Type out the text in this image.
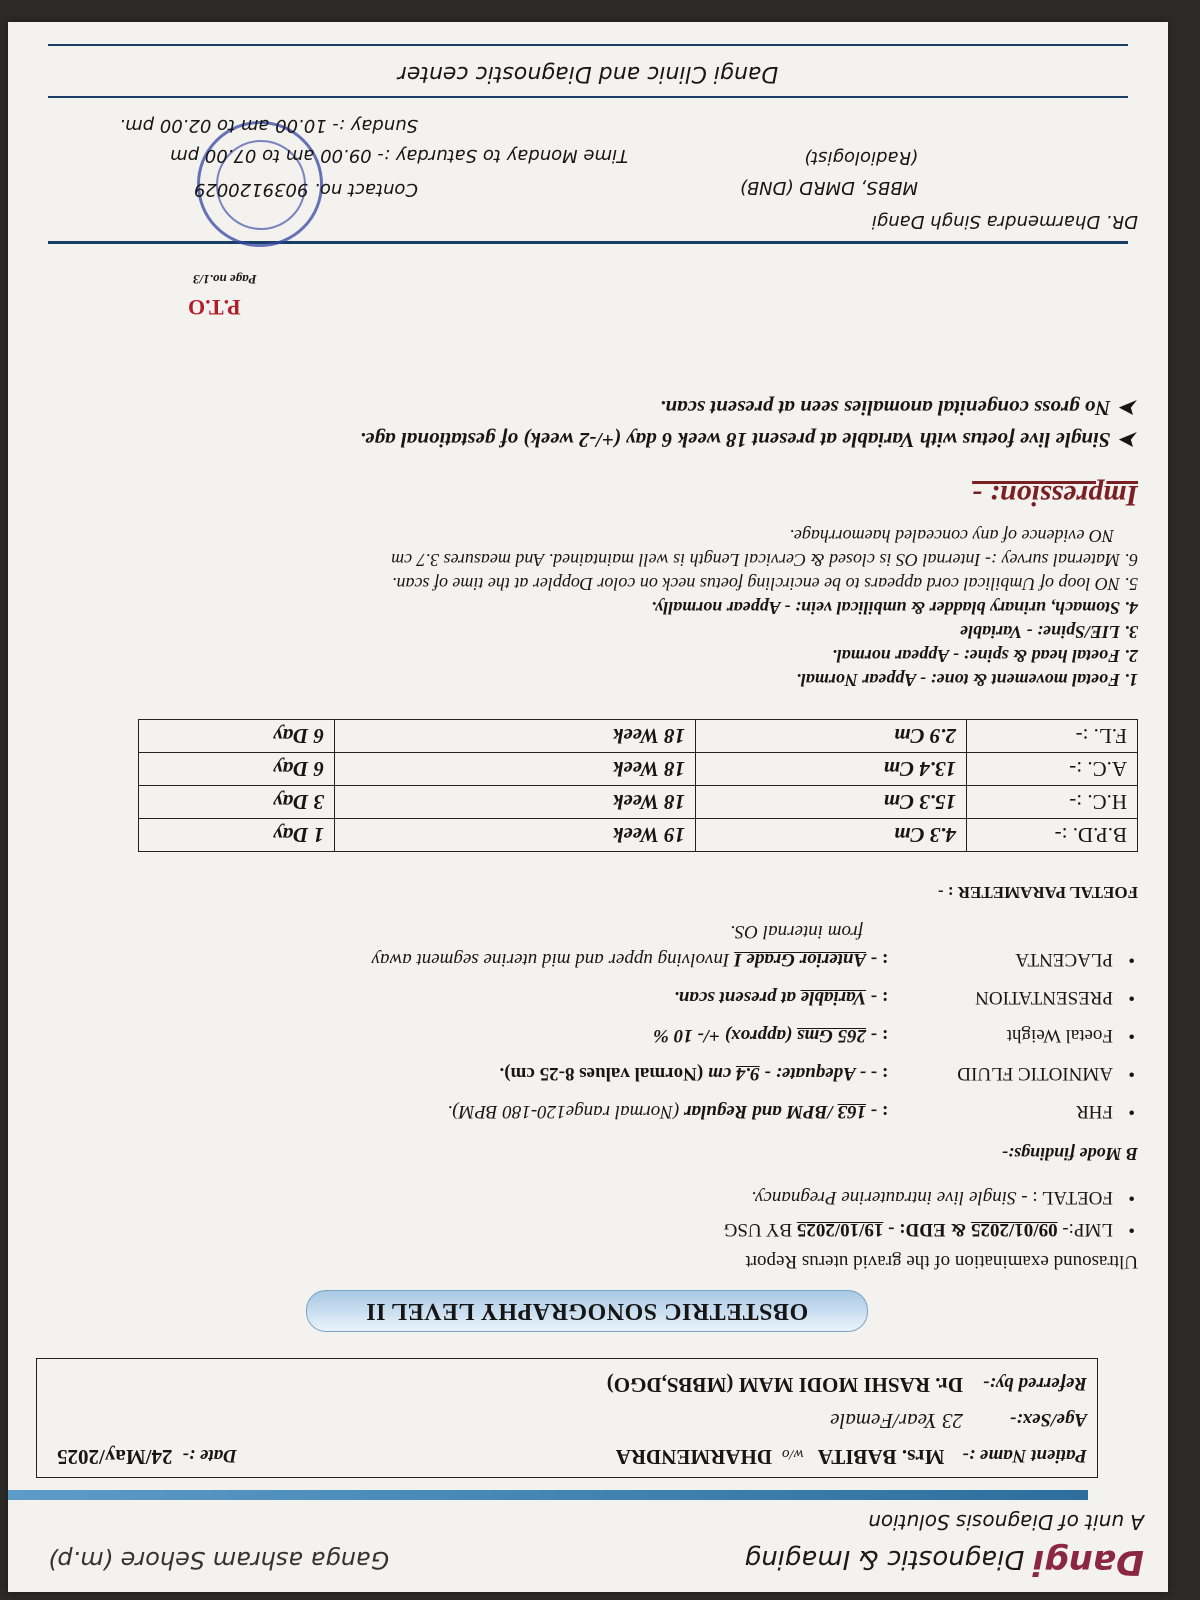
Dangi Diagnostic & Imaging
Ganga ashram Sehore (m.p)
A unit of Diagnosis Solution
Patient Name :- Mrs. BABITA w/o DHARMENDRA
Date :- 24/May/2025
Age/Sex:- 23 Year/Female
Referred by:- Dr. RASHI MODI MAM (MBBS,DGO)
OBSTETRIC SONOGRAPHY LEVEL II
Ultrasound examination of the gravid uterus Report
LMP:- 09/01/2025 & EDD: - 19/10/2025 BY USG
FOETAL : - Single live intrauterine Pregnancy.
B Mode findings:-
FHR : - 163 /BPM and Regular (Normal range120-180 BPM).
AMNIOTIC FLUID : - - Adequate: - 9.4 cm (Normal values 8-25 cm).
Foetal Weight : - 265 Gms (approx) +/- 10 %
PRESENTATION : - Variable at present scan.
PLACENTA : - Anterior Grade I Involving upper and mid uterine segment away
from internal OS.
FOETAL PARAMETER : -
B.P.D. :-	4.3 Cm	19 Week	1 Day
H.C. :-	15.3 Cm	18 Week	3 Day
A.C. :-	13.4 Cm	18 Week	6 Day
F.L. :-	2.9 Cm	18 Week	6 Day
1. Foetal movement & tone: - Appear Normal.
2. Foetal head & spine: - Appear normal.
3. LIE/Spine: - Variable
4. Stomach, urinary bladder & umbilical vein: - Appear normally.
5. NO loop of Umbilical cord appears to be encircling foetus neck on color Doppler at the time of scan.
6. Maternal survey :- Internal OS is closed & Cervical Length is well maintained. And measures 3.7 cm
NO evidence of any concealed haemorrhage.
Impression: -
➤Single live foetus with Variable at present 18 week 6 day (+/-2 week) of gestational age.
➤No gross congenital anomalies seen at present scan.
P.T.O
Page no.1/3
DR. Dharmendra Singh Dangi
MBBS, DMRD (DNB)
(Radiologist)
Contact no. 9039120029
Time Monday to Saturday :- 09.00 am to 07.00 pm
Sunday :- 10.00 am to 02.00 pm.
Dangi Clinic and Diagnostic center
